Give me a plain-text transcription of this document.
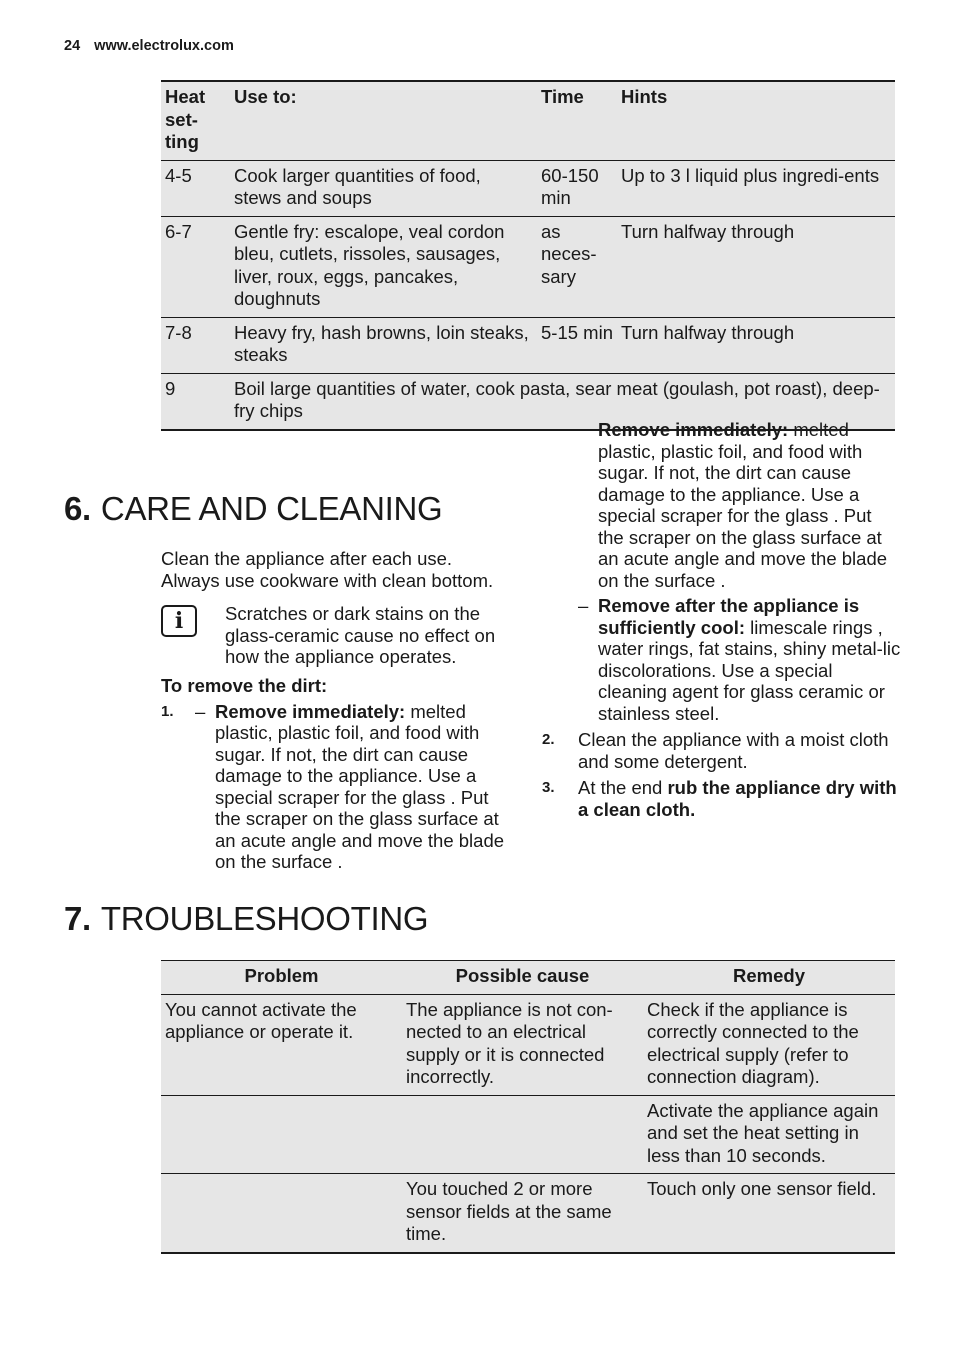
24 www.electrolux.com
Heat set-ting	Use to:	Time	Hints
4-5	Cook larger quantities of food, stews and soups	60-150 min	Up to 3 l liquid plus ingredi-ents
6-7	Gentle fry: escalope, veal cordon bleu, cutlets, rissoles, sausages, liver, roux, eggs, pancakes, doughnuts	as neces-sary	Turn halfway through
7-8	Heavy fry, hash browns, loin steaks, steaks	5-15 min	Turn halfway through
9	Boil large quantities of water, cook pasta, sear meat (goulash, pot roast), deep-fry chips		
6. CARE AND CLEANING

Clean the appliance after each use.

Always use cookware with clean bottom.

i	Scratches or dark stains on the glass-ceramic cause no effect on how the appliance operates.

To remove the dirt:

1. – Remove immediately: melted plastic, plastic foil, and food with sugar. If not, the dirt can cause damage to the appliance. Use a special scraper for the glass . Put the scraper on the glass surface at an acute angle and move the blade on the surface .
Remove immediately: melted plastic, plastic foil, and food with sugar. If not, the dirt can cause damage to the appliance. Use a special scraper for the glass . Put the scraper on the glass surface at an acute angle and move the blade on the surface .
– Remove after the appliance is sufficiently cool: limescale rings , water rings, fat stains, shiny metal-lic discolorations. Use a special cleaning agent for glass ceramic or stainless steel.
2. Clean the appliance with a moist cloth and some detergent.
3. At the end rub the appliance dry with a clean cloth.
7. TROUBLESHOOTING
Problem	Possible cause	Remedy
You cannot activate the appliance or operate it.	The appliance is not con-nected to an electrical supply or it is connected incorrectly.	Check if the appliance is correctly connected to the electrical supply (refer to connection diagram).
		Activate the appliance again and set the heat setting in less than 10 seconds.
	You touched 2 or more sensor fields at the same time.	Touch only one sensor field.
